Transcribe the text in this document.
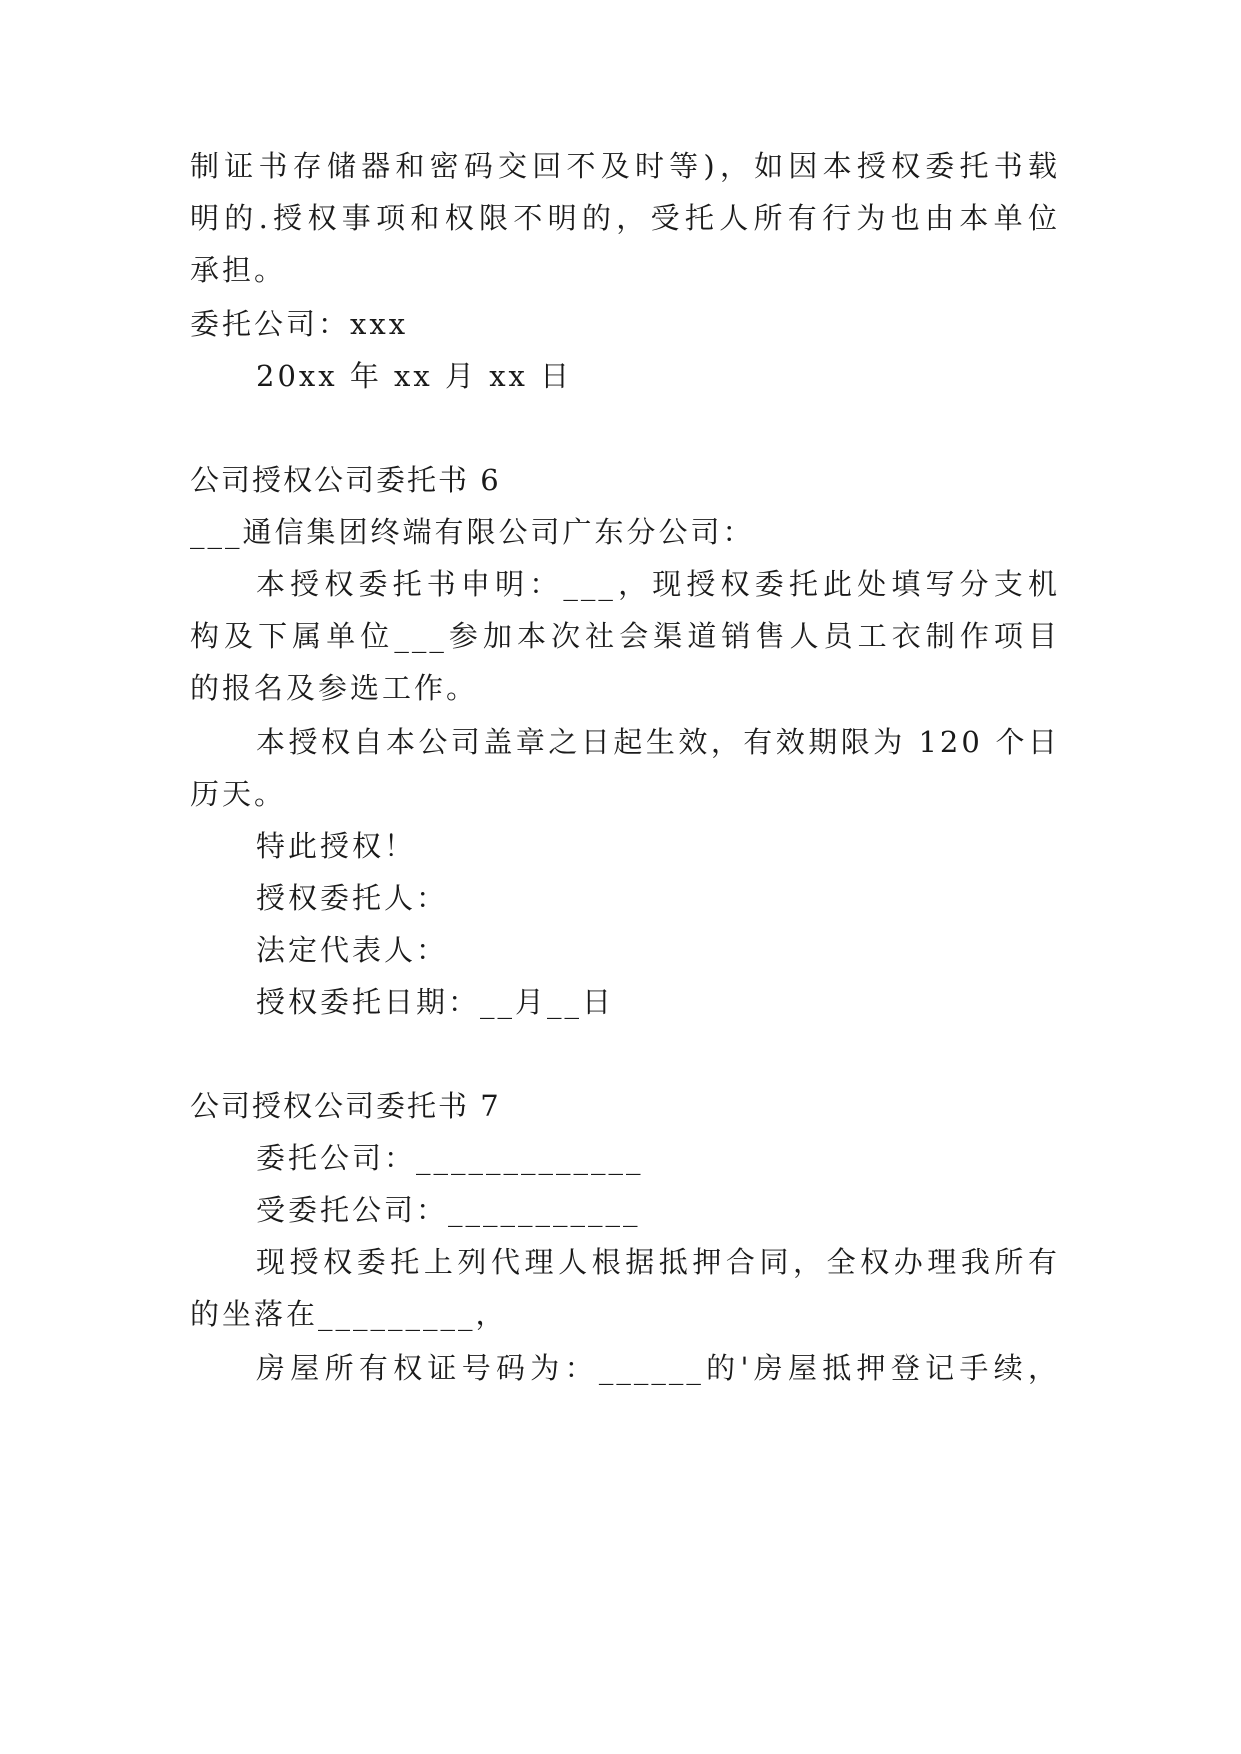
制证书存储器和密码交回不及时等)，如因本授权委托书载
明的.授权事项和权限不明的，受托人所有行为也由本单位
承担。
委托公司：xxx
20xx 年 xx 月 xx 日
公司授权公司委托书 6
___通信集团终端有限公司广东分公司：
本授权委托书申明：___，现授权委托此处填写分支机
构及下属单位___参加本次社会渠道销售人员工衣制作项目
的报名及参选工作。
本授权自本公司盖章之日起生效，有效期限为 120 个日
历天。
特此授权！
授权委托人：
法定代表人：
授权委托日期：__月__日
公司授权公司委托书 7
委托公司：_____________
受委托公司：___________
现授权委托上列代理人根据抵押合同，全权办理我所有
的坐落在_________，
房屋所有权证号码为：______的'房屋抵押登记手续，
